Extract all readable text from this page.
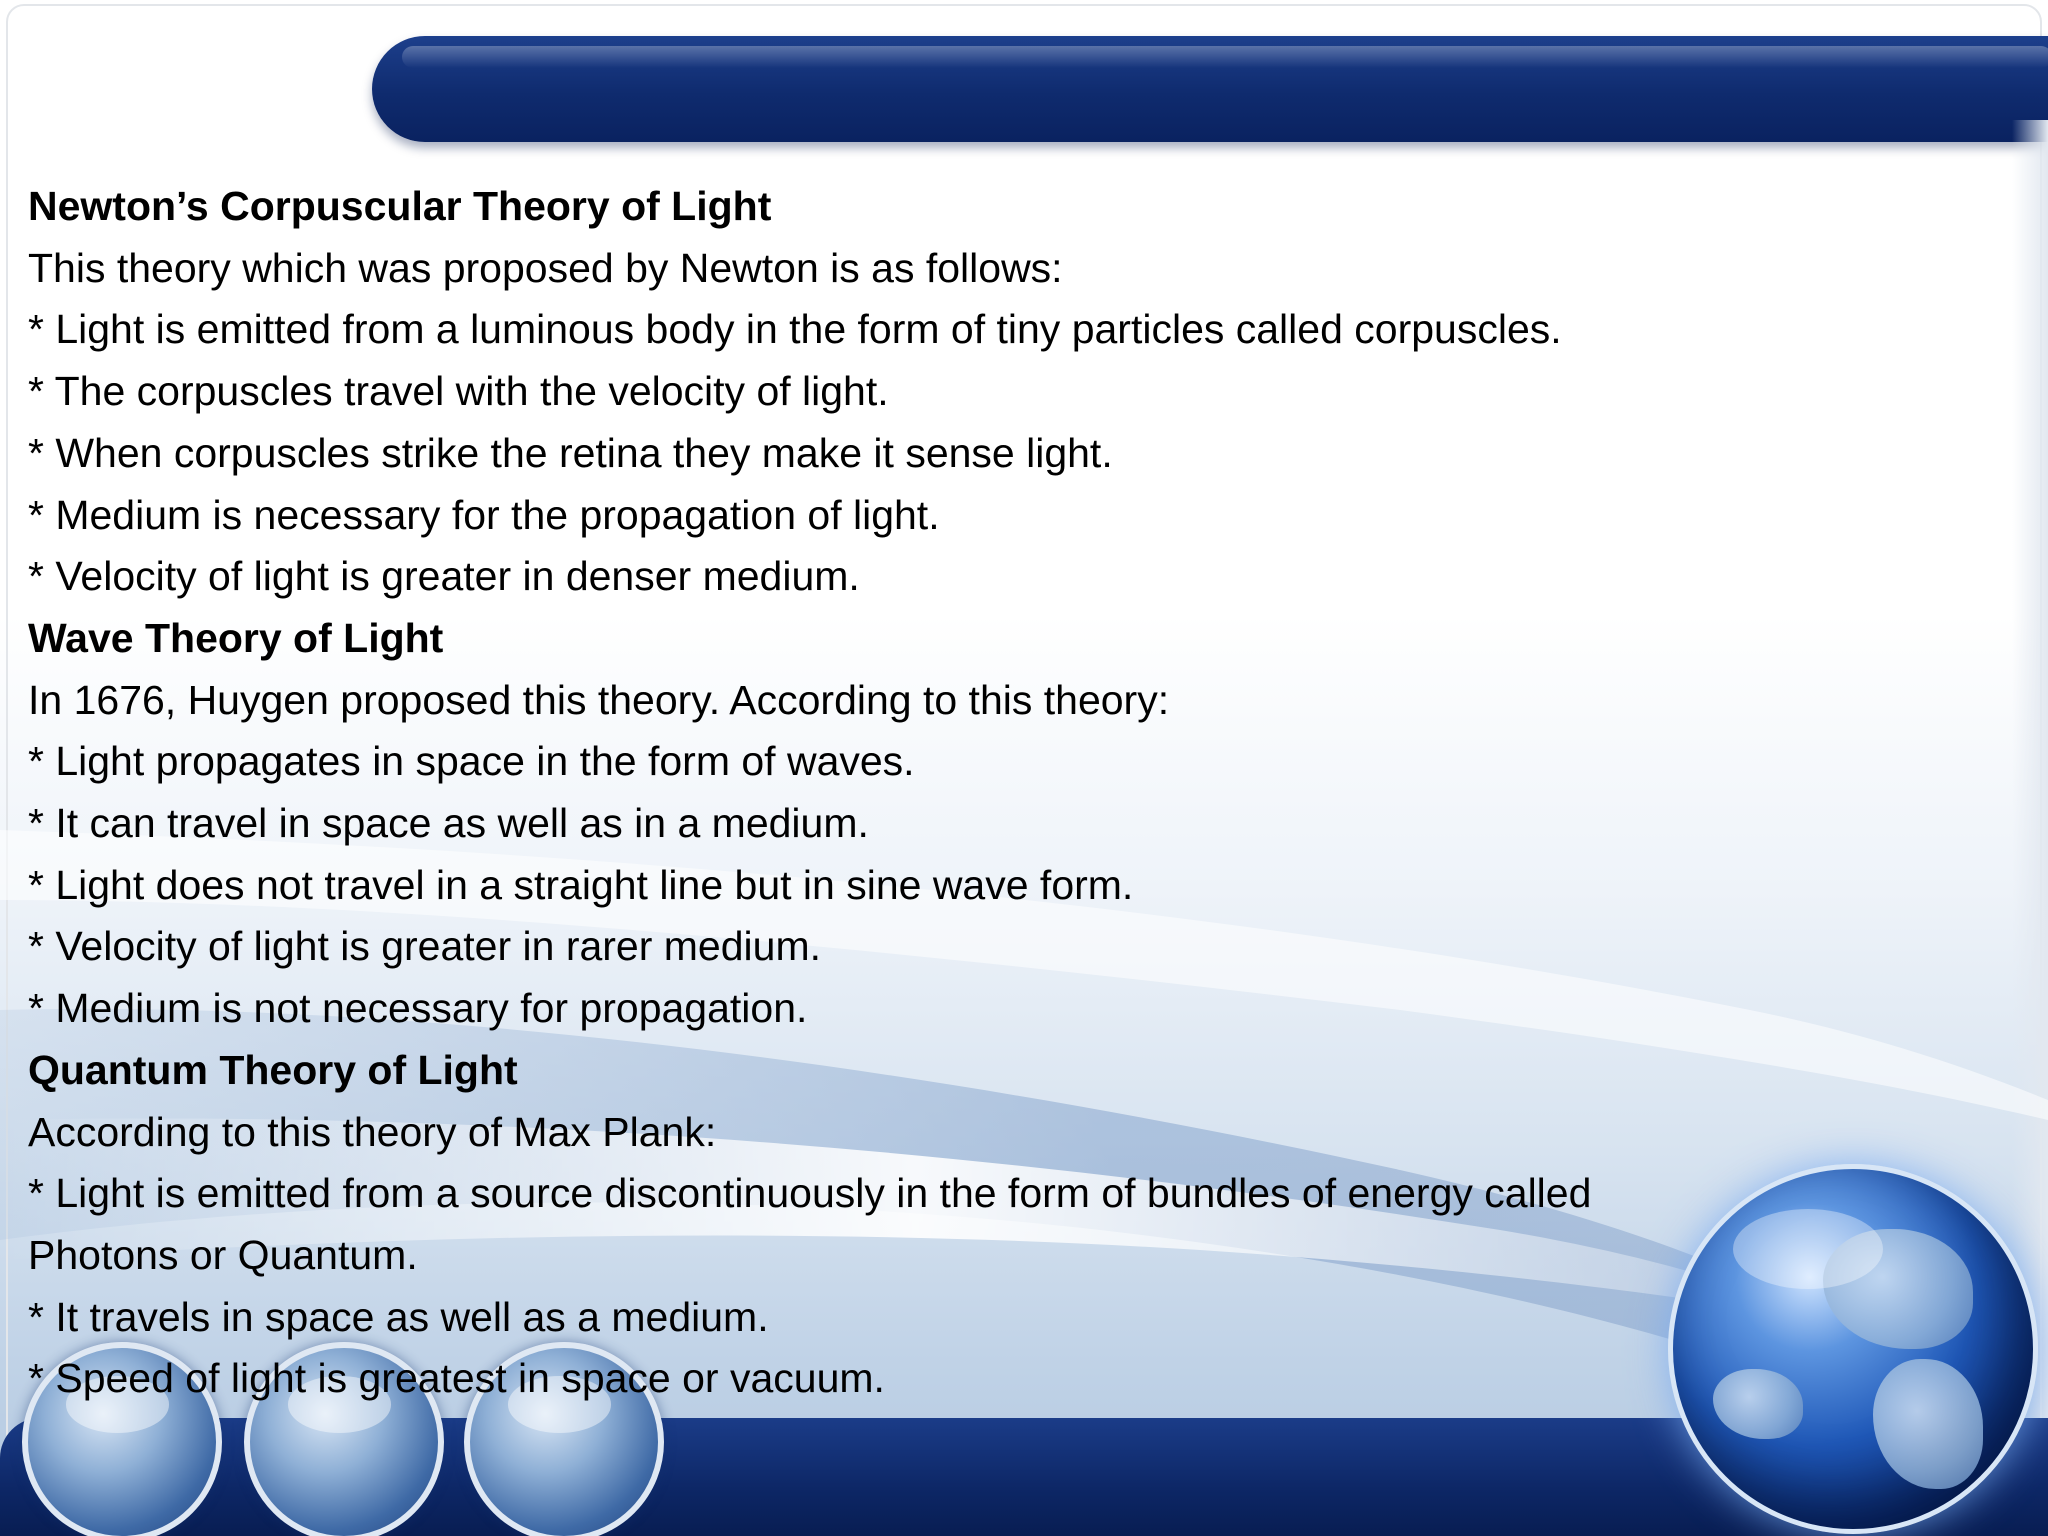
Newton’s Corpuscular Theory of Light
This theory which was proposed by Newton is as follows:
* Light is emitted from a luminous body in the form of tiny particles called corpuscles.
* The corpuscles travel with the velocity of light.
* When corpuscles strike the retina they make it sense light.
* Medium is necessary for the propagation of light.
* Velocity of light is greater in denser medium.
Wave Theory of Light
In 1676, Huygen proposed this theory. According to this theory:
* Light propagates in space in the form of waves.
* It can travel in space as well as in a medium.
* Light does not travel in a straight line but in sine wave form.
* Velocity of light is greater in rarer medium.
* Medium is not necessary for propagation.
Quantum Theory of Light
According to this theory of Max Plank:
* Light is emitted from a source discontinuously in the form of bundles of energy called
Photons or Quantum.
* It travels in space as well as a medium.
* Speed of light is greatest in space or vacuum.
